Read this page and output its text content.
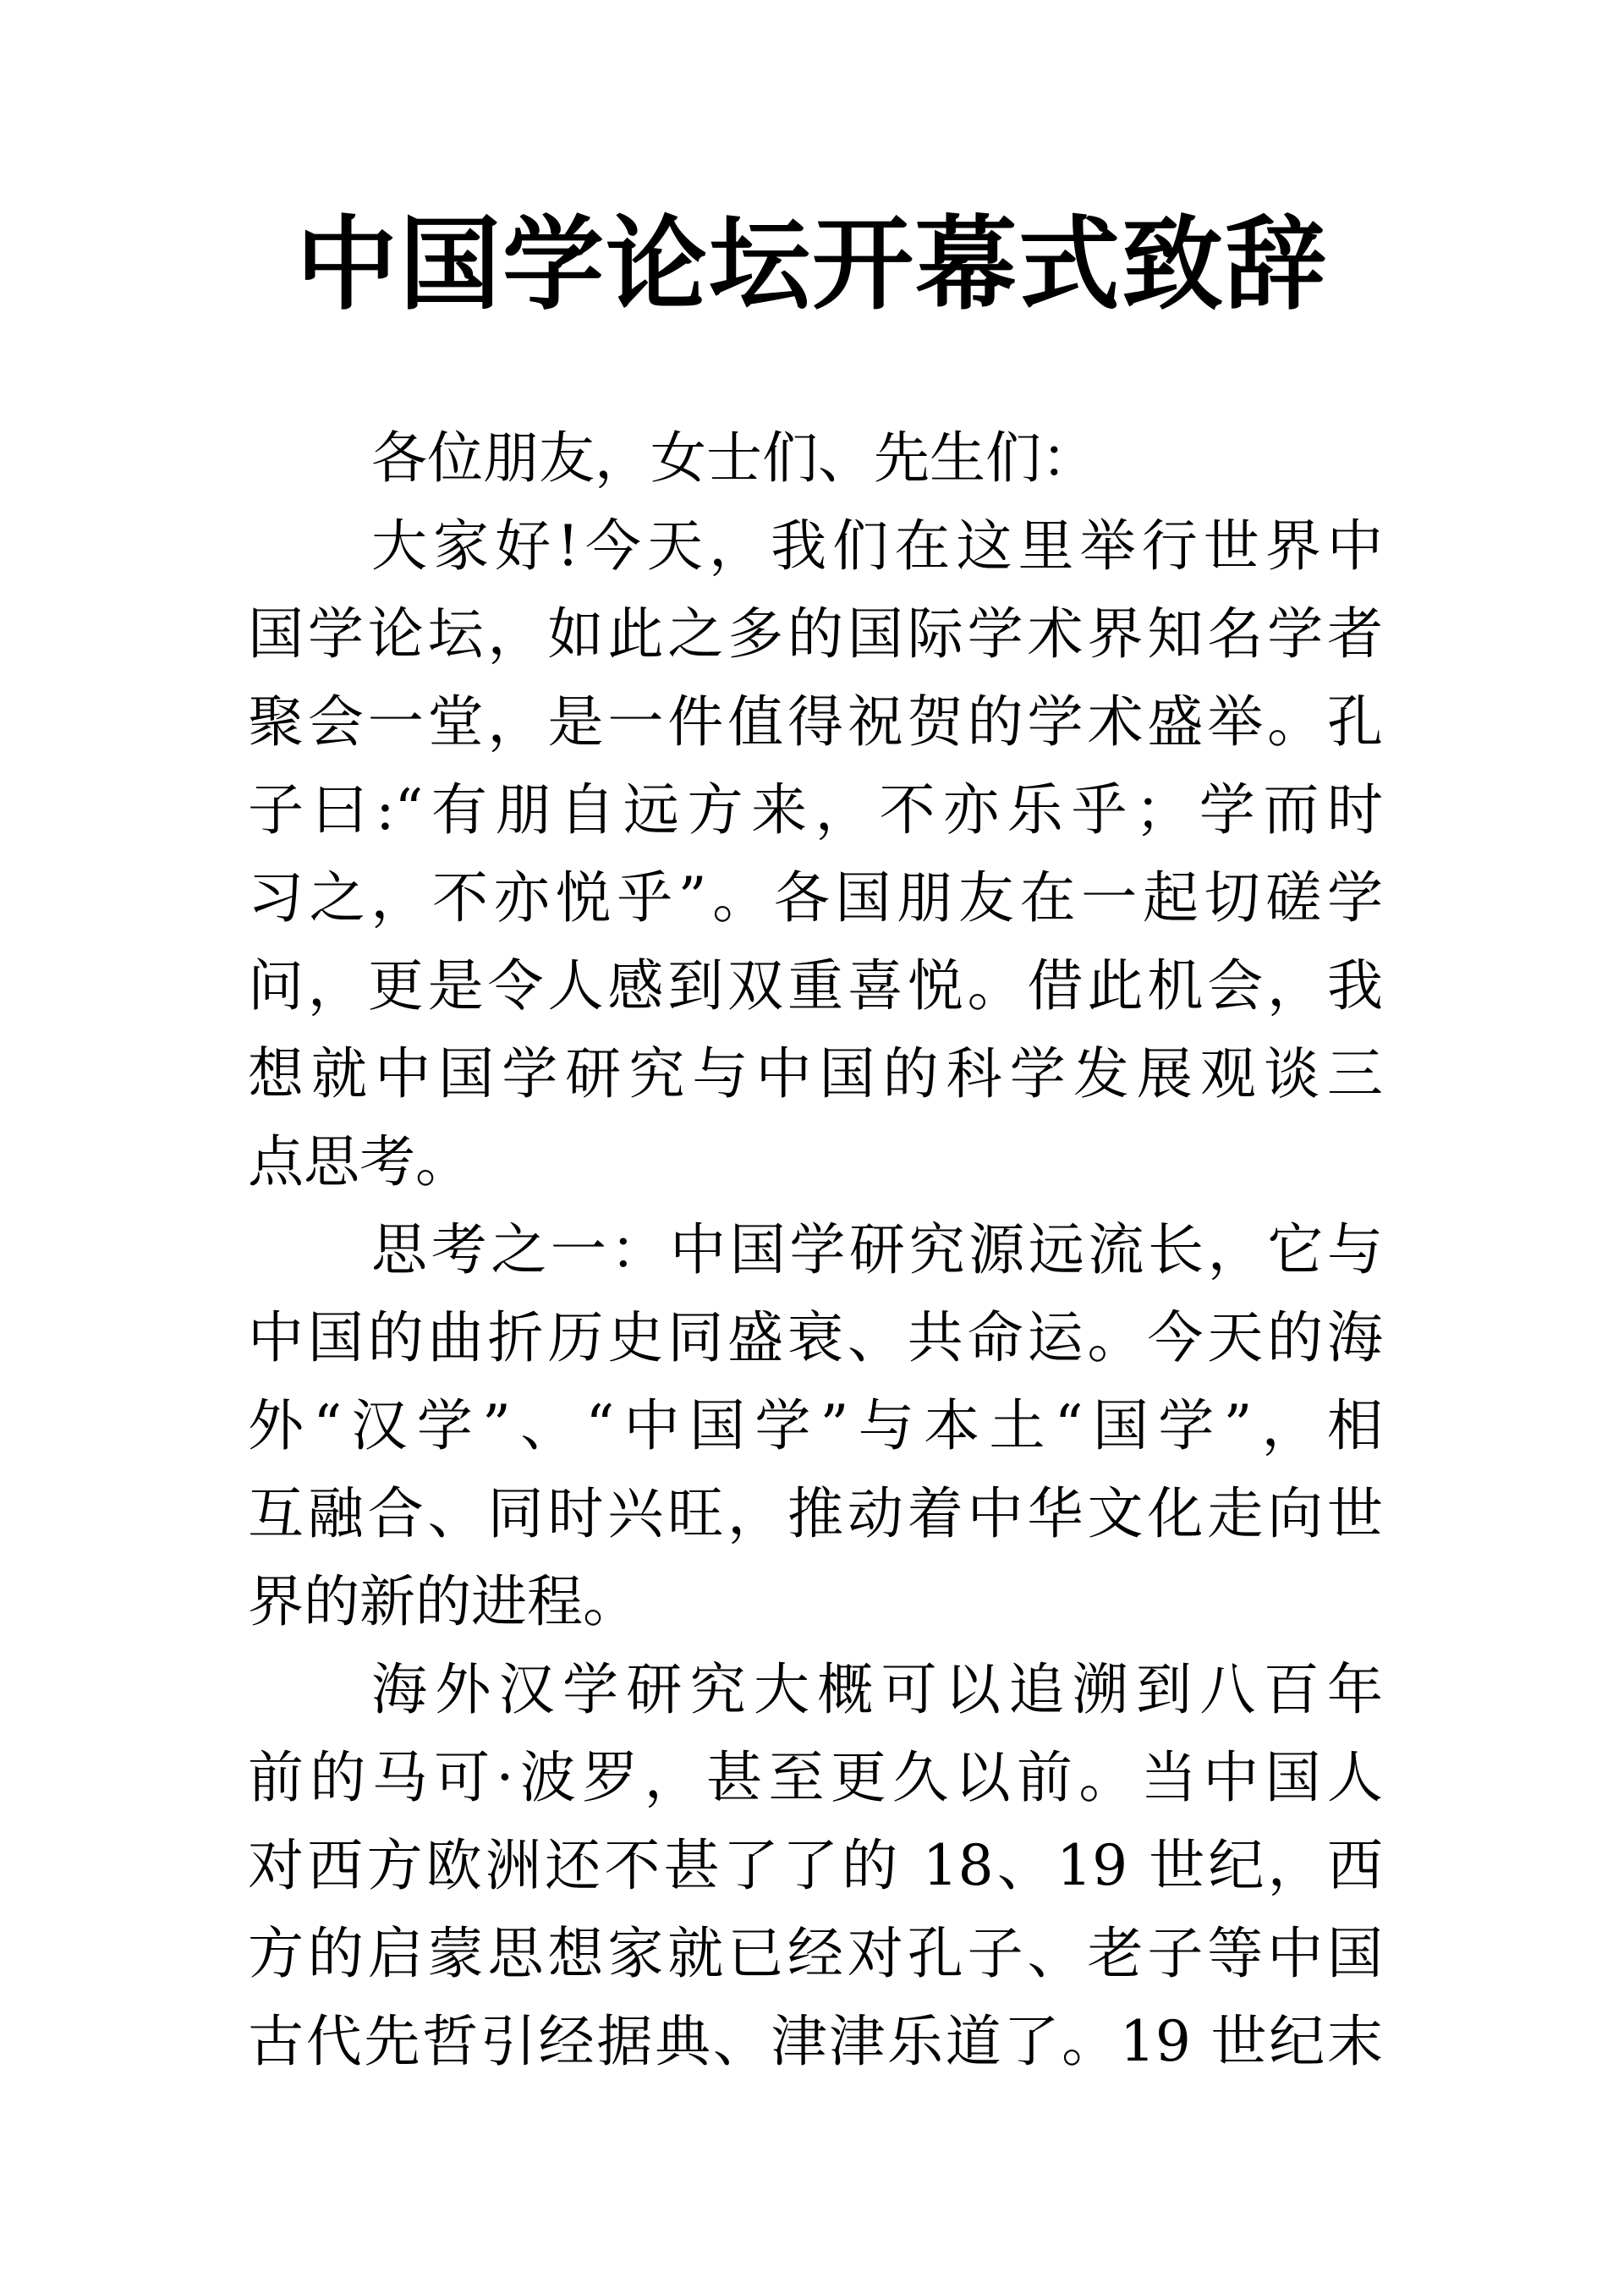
中国学论坛开幕式致辞
各位朋友，女士们、先生们：
大家好!今天，我们在这里举行世界中
国学论坛，如此之多的国际学术界知名学者
聚会一堂，是一件值得祝贺的学术盛举。孔
子曰:“有朋自远方来，不亦乐乎；学而时
习之，不亦悦乎”。各国朋友在一起切磋学
问，更是令人感到双重喜悦。借此机会，我
想就中国学研究与中国的科学发展观谈三
点思考。
思考之一：中国学研究源远流长，它与
中国的曲折历史同盛衰、共命运。今天的海
外“汉学”、“中国学”与本土“国学”，相
互融合、同时兴旺，推动着中华文化走向世
界的新的进程。
海外汉学研究大概可以追溯到八百年
前的马可·波罗，甚至更久以前。当中国人
对西方欧洲还不甚了了的 18、19 世纪，西
方的启蒙思想家就已经对孔子、老子等中国
古代先哲引经据典、津津乐道了。19 世纪末
